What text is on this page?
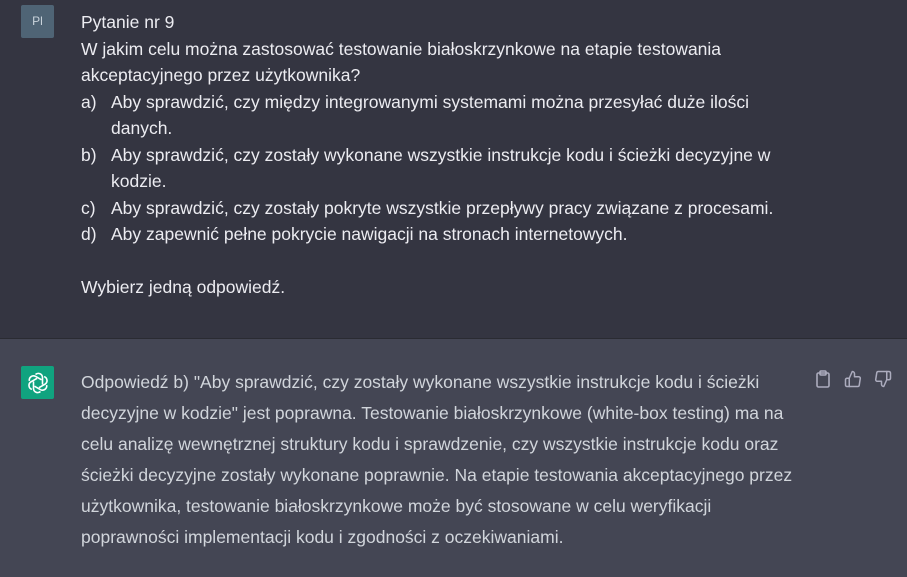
Pl	Pytanie nr 9

W jakim celu można zastosować testowanie białoskrzynkowe na etapie testowania akceptacyjnego przez użytkownika?

a) Aby sprawdzić, czy między integrowanymi systemami można przesyłać duże ilości danych.
b) Aby sprawdzić, czy zostały wykonane wszystkie instrukcje kodu i ścieżki decyzyjne w kodzie.
c) Aby sprawdzić, czy zostały pokryte wszystkie przepływy pracy związane z procesami.
d) Aby zapewnić pełne pokrycie nawigacji na stronach internetowych.

Wybierz jedną odpowiedź.

Odpowiedź b) "Aby sprawdzić, czy zostały wykonane wszystkie instrukcje kodu i ścieżki decyzyjne w kodzie" jest poprawna. Testowanie białoskrzynkowe (white-box testing) ma na celu analizę wewnętrznej struktury kodu i sprawdzenie, czy wszystkie instrukcje kodu oraz ścieżki decyzyjne zostały wykonane poprawnie. Na etapie testowania akceptacyjnego przez użytkownika, testowanie białoskrzynkowe może być stosowane w celu weryfikacji poprawności implementacji kodu i zgodności z oczekiwaniami.
